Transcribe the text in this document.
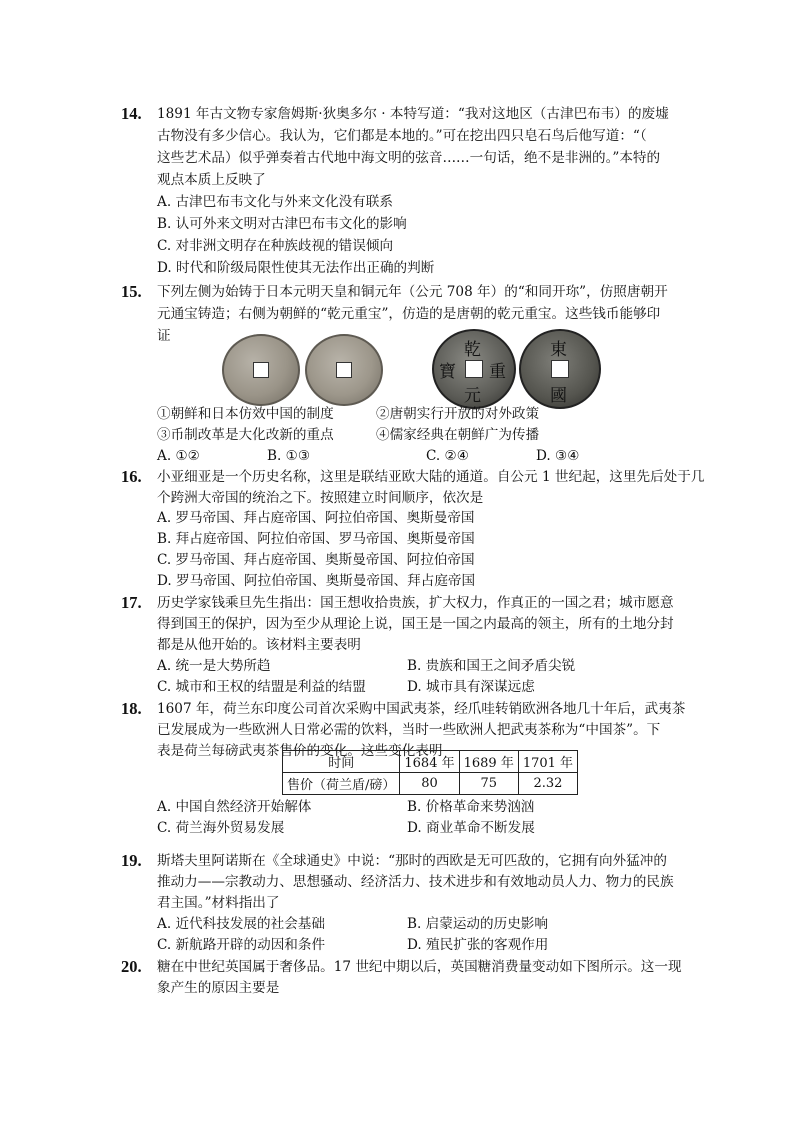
14.	1891 年古文物专家詹姆斯·狄奥多尔 · 本特写道：“我对这地区（古津巴布韦）的废墟
古物没有多少信心。我认为，它们都是本地的。”可在挖出四只皂石鸟后他写道：“（
这些艺术品）似乎弹奏着古代地中海文明的弦音……一句话，绝不是非洲的。”本特的
观点本质上反映了
A. 古津巴布韦文化与外来文化没有联系
B. 认可外来文明对古津巴布韦文化的影响
C. 对非洲文明存在种族歧视的错误倾向
D. 时代和阶级局限性使其无法作出正确的判断
15.	下列左侧为始铸于日本元明天皇和铜元年（公元 708 年）的“和同开珎”，仿照唐朝开
元通宝铸造；右侧为朝鲜的“乾元重宝”，仿造的是唐朝的乾元重宝。这些钱币能够印
证
乾
重
元
寶
東
國
①朝鲜和日本仿效中国的制度	②唐朝实行开放的对外政策
③币制改革是大化改新的重点	④儒家经典在朝鲜广为传播
A. ①②	B. ①③	C. ②④	D. ③④
16.	小亚细亚是一个历史名称，这里是联结亚欧大陆的通道。自公元 1 世纪起，这里先后处于几
个跨洲大帝国的统治之下。按照建立时间顺序，依次是
A. 罗马帝国、拜占庭帝国、阿拉伯帝国、奥斯曼帝国
B. 拜占庭帝国、阿拉伯帝国、罗马帝国、奥斯曼帝国
C. 罗马帝国、拜占庭帝国、奥斯曼帝国、阿拉伯帝国
D. 罗马帝国、阿拉伯帝国、奥斯曼帝国、拜占庭帝国
17.	历史学家钱乘旦先生指出：国王想收拾贵族，扩大权力，作真正的一国之君；城市愿意
得到国王的保护，因为至少从理论上说，国王是一国之内最高的领主，所有的土地分封
都是从他开始的。该材料主要表明
A. 统一是大势所趋	B. 贵族和国王之间矛盾尖锐
C. 城市和王权的结盟是利益的结盟	D. 城市具有深谋远虑
18.	1607 年，荷兰东印度公司首次采购中国武夷茶，经爪哇转销欧洲各地几十年后，武夷茶
已发展成为一些欧洲人日常必需的饮料，当时一些欧洲人把武夷茶称为“中国茶”。下
表是荷兰每磅武夷茶售价的变化。这些变化表明
时间	1684 年	1689 年	1701 年
售价（荷兰盾/磅）	80	75	2.32
A. 中国自然经济开始解体	B. 价格革命来势汹汹
C. 荷兰海外贸易发展	D. 商业革命不断发展
19.	斯塔夫里阿诺斯在《全球通史》中说：“那时的西欧是无可匹敌的，它拥有向外猛冲的
推动力——宗教动力、思想骚动、经济活力、技术进步和有效地动员人力、物力的民族
君主国。”材料指出了
A. 近代科技发展的社会基础	B. 启蒙运动的历史影响
C. 新航路开辟的动因和条件	D. 殖民扩张的客观作用
20.	糖在中世纪英国属于奢侈品。17 世纪中期以后，英国糖消费量变动如下图所示。这一现
象产生的原因主要是
